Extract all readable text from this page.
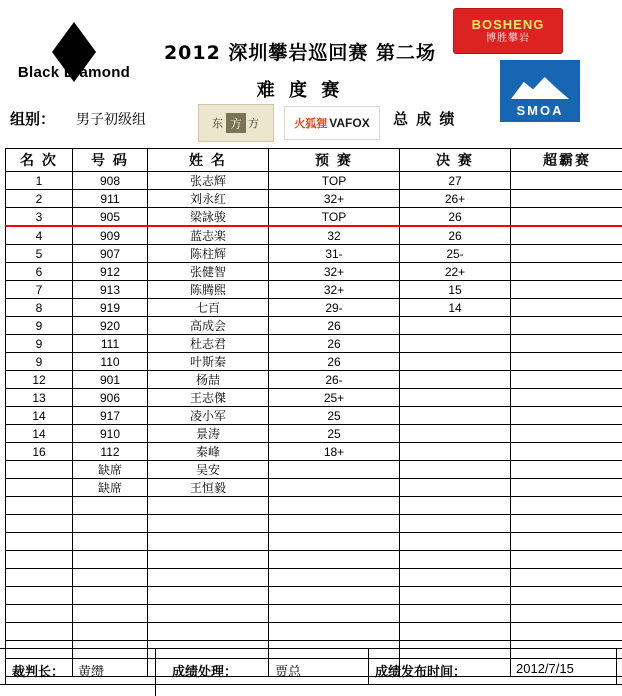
Black Diamond
2012 深圳攀岩巡回赛 第二场
难 度 赛
BOSHENG
博胜攀岩
SMOA
组别： 男子初级组	总 成 绩
东 方 方	火狐狸 VAFOX
名 次	号 码	姓 名	预 赛	决 赛	超霸赛
1	908	张志辉	TOP	27	
2	911	刘永红	32+	26+	
3	905	梁詠骏	TOP	26	
4	909	蓝志楽	32	26	
5	907	陈柱辉	31-	25-	
6	912	张健智	32+	22+	
7	913	陈腾熙	32+	15	
8	919	七百	29-	14	
9	920	高成会	26		
9	111	杜志君	26		
9	110	叶斯秦	26		
12	901	杨喆	26-		
13	906	王志傑	25+		
14	917	凌小军	25		
14	910	景涛	25		
16	112	秦峰	18+		
	缺席	吴安			
	缺席	王恒毅			

裁判长： 黄缵	成绩处理：	贾总	成绩发布时间：	2012/7/15
